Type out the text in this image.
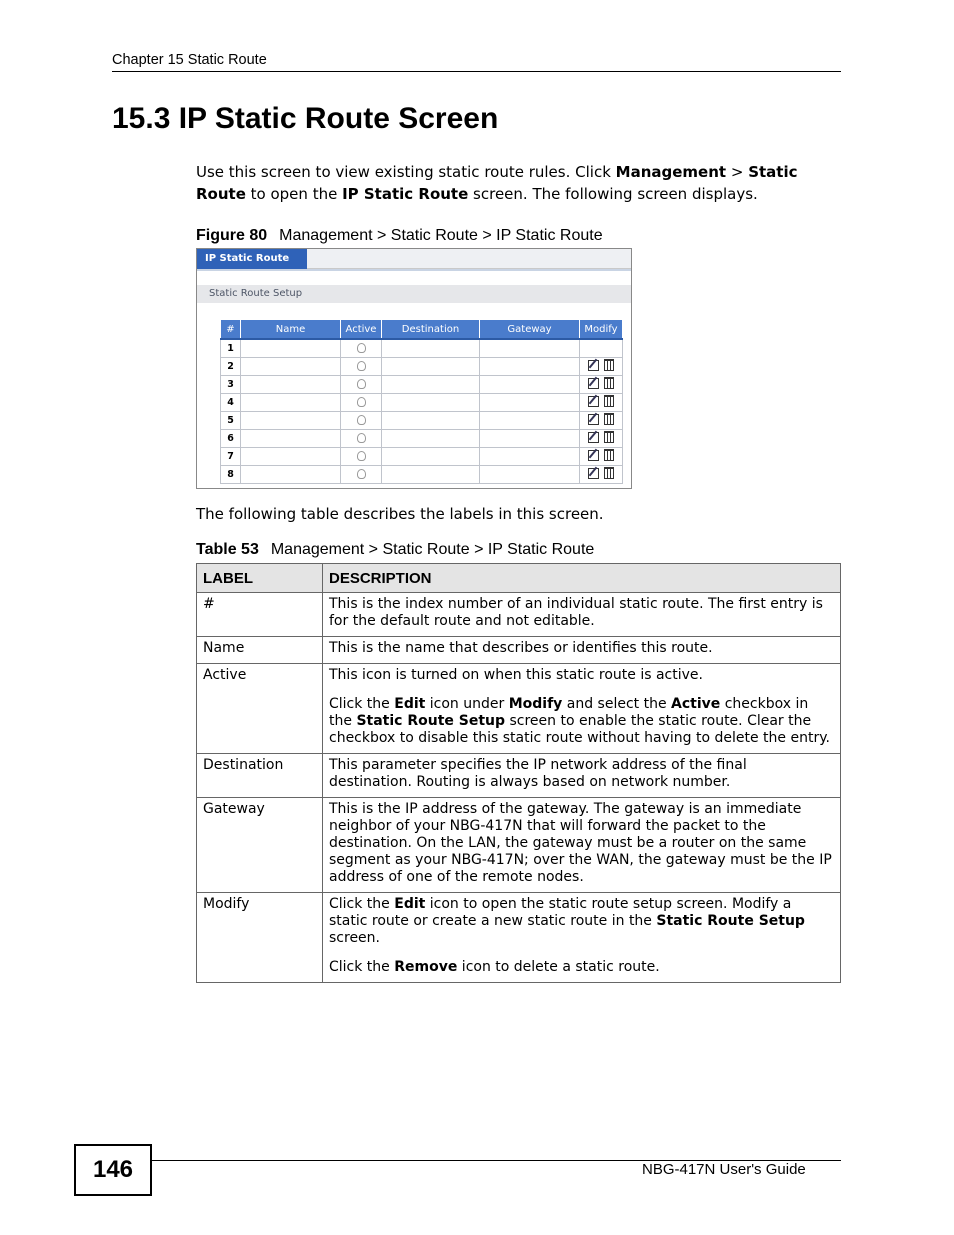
Chapter 15 Static Route
15.3 IP Static Route Screen

Use this screen to view existing static route rules. Click Management > Static Route to open the IP Static Route screen. The following screen displays.

Figure 80 Management > Static Route > IP Static Route

IP Static Route
Static Route Setup
#	Name	Active	Destination	Gateway	Modify
1					
2					
3					
4					
5					
6					
7					
8					

The following table describes the labels in this screen.

Table 53 Management > Static Route > IP Static Route

LABEL	DESCRIPTION
#	This is the index number of an individual static route. The first entry is for the default route and not editable.
Name	This is the name that describes or identifies this route.
Active	This icon is turned on when this static route is active.

Click the Edit icon under Modify and select the Active checkbox in the Static Route Setup screen to enable the static route. Clear the checkbox to disable this static route without having to delete the entry.

Destination	This parameter specifies the IP network address of the final destination. Routing is always based on network number.
Gateway	This is the IP address of the gateway. The gateway is an immediate neighbor of your NBG-417N that will forward the packet to the destination. On the LAN, the gateway must be a router on the same segment as your NBG-417N; over the WAN, the gateway must be the IP address of one of the remote nodes.
Modify	Click the Edit icon to open the static route setup screen. Modify a static route or create a new static route in the Static Route Setup screen.

Click the Remove icon to delete a static route.

146	NBG-417N User's Guide
